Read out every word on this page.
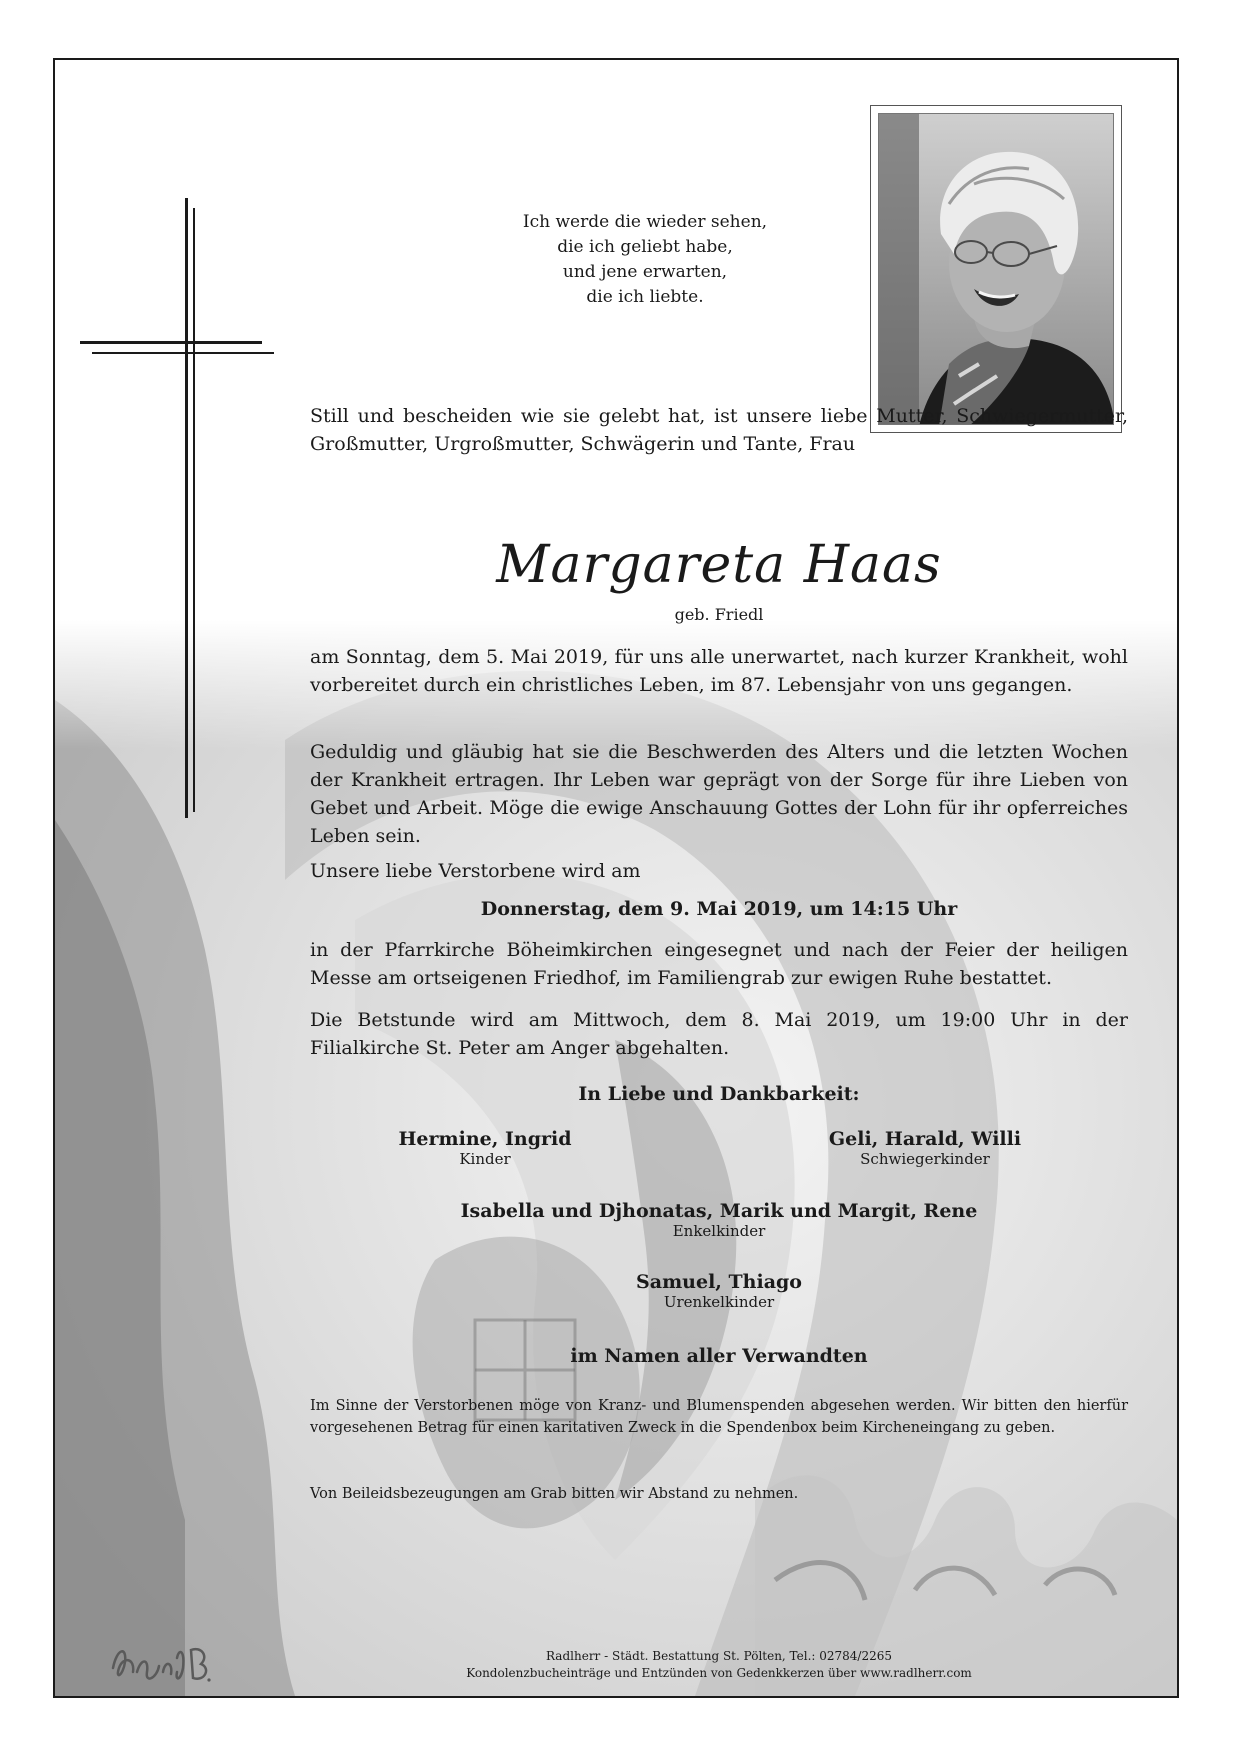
Ich werde die wieder sehen,
die ich geliebt habe,
und jene erwarten,
die ich liebte.
Still und bescheiden wie sie gelebt hat, ist unsere liebe Mutter, Schwiegermutter, Großmutter, Urgroßmutter, Schwägerin und Tante, Frau
Margareta Haas
geb. Friedl
am Sonntag, dem 5. Mai 2019, für uns alle unerwartet, nach kurzer Krankheit, wohl vorbereitet durch ein christliches Leben, im 87. Lebensjahr von uns gegangen.
Geduldig und gläubig hat sie die Beschwerden des Alters und die letzten Wochen der Krankheit ertragen. Ihr Leben war geprägt von der Sorge für ihre Lieben von Gebet und Arbeit. Möge die ewige Anschauung Gottes der Lohn für ihr opferreiches Leben sein.
Unsere liebe Verstorbene wird am
Donnerstag, dem 9. Mai 2019, um 14:15 Uhr
in der Pfarrkirche Böheimkirchen eingesegnet und nach der Feier der heiligen Messe am ortseigenen Friedhof, im Familiengrab zur ewigen Ruhe bestattet.
Die Betstunde wird am Mittwoch, dem 8. Mai 2019, um 19:00 Uhr in der Filialkirche St. Peter am Anger abgehalten.
In Liebe und Dankbarkeit:
Hermine, Ingrid
Kinder
Geli, Harald, Willi
Schwiegerkinder
Isabella und Djhonatas, Marik und Margit, Rene
Enkelkinder
Samuel, Thiago
Urenkelkinder
im Namen aller Verwandten
Im Sinne der Verstorbenen möge von Kranz- und Blumenspenden abgesehen werden. Wir bitten den hierfür vorgesehenen Betrag für einen karitativen Zweck in die Spendenbox beim Kircheneingang zu geben.
Von Beileidsbezeugungen am Grab bitten wir Abstand zu nehmen.
Radlherr - Städt. Bestattung St. Pölten, Tel.: 02784/2265
Kondolenzbucheinträge und Entzünden von Gedenkkerzen über www.radlherr.com
